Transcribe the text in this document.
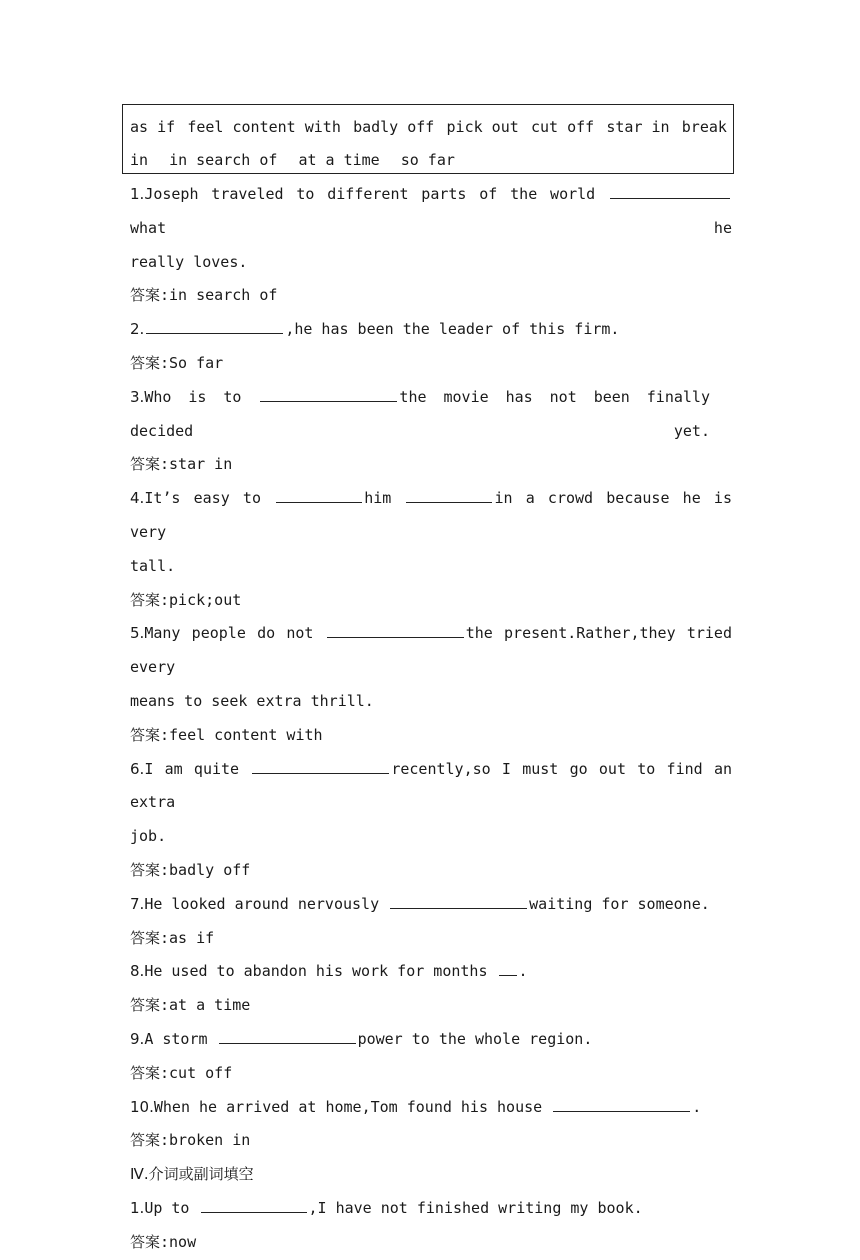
as if feel content with badly off pick out cut off star in break
in in search of at a time so far

1.Joseph traveled to different parts of the world what he

really loves.

答案:in search of

2.	,he has been the leader of this firm.

答案:So far

3.Who is to	the movie has not been finally decided yet.

答案:star in

4.It’s easy to	him	in a crowd because he is very

tall.

答案:pick;out

5.Many people do not	the present.Rather,they tried every

means to seek extra thrill.

答案:feel content with

6.I am quite	recently,so I must go out to find an extra

job.

答案:badly off

7.He looked around nervously	waiting for someone.

答案:as if

8.He used to abandon his work for months .

答案:at a time

9.A storm	power to the whole region.

答案:cut off

10.When he arrived at home,Tom found his house	.

答案:broken in

Ⅳ.介词或副词填空

1.Up to	,I have not finished writing my book.

答案:now
